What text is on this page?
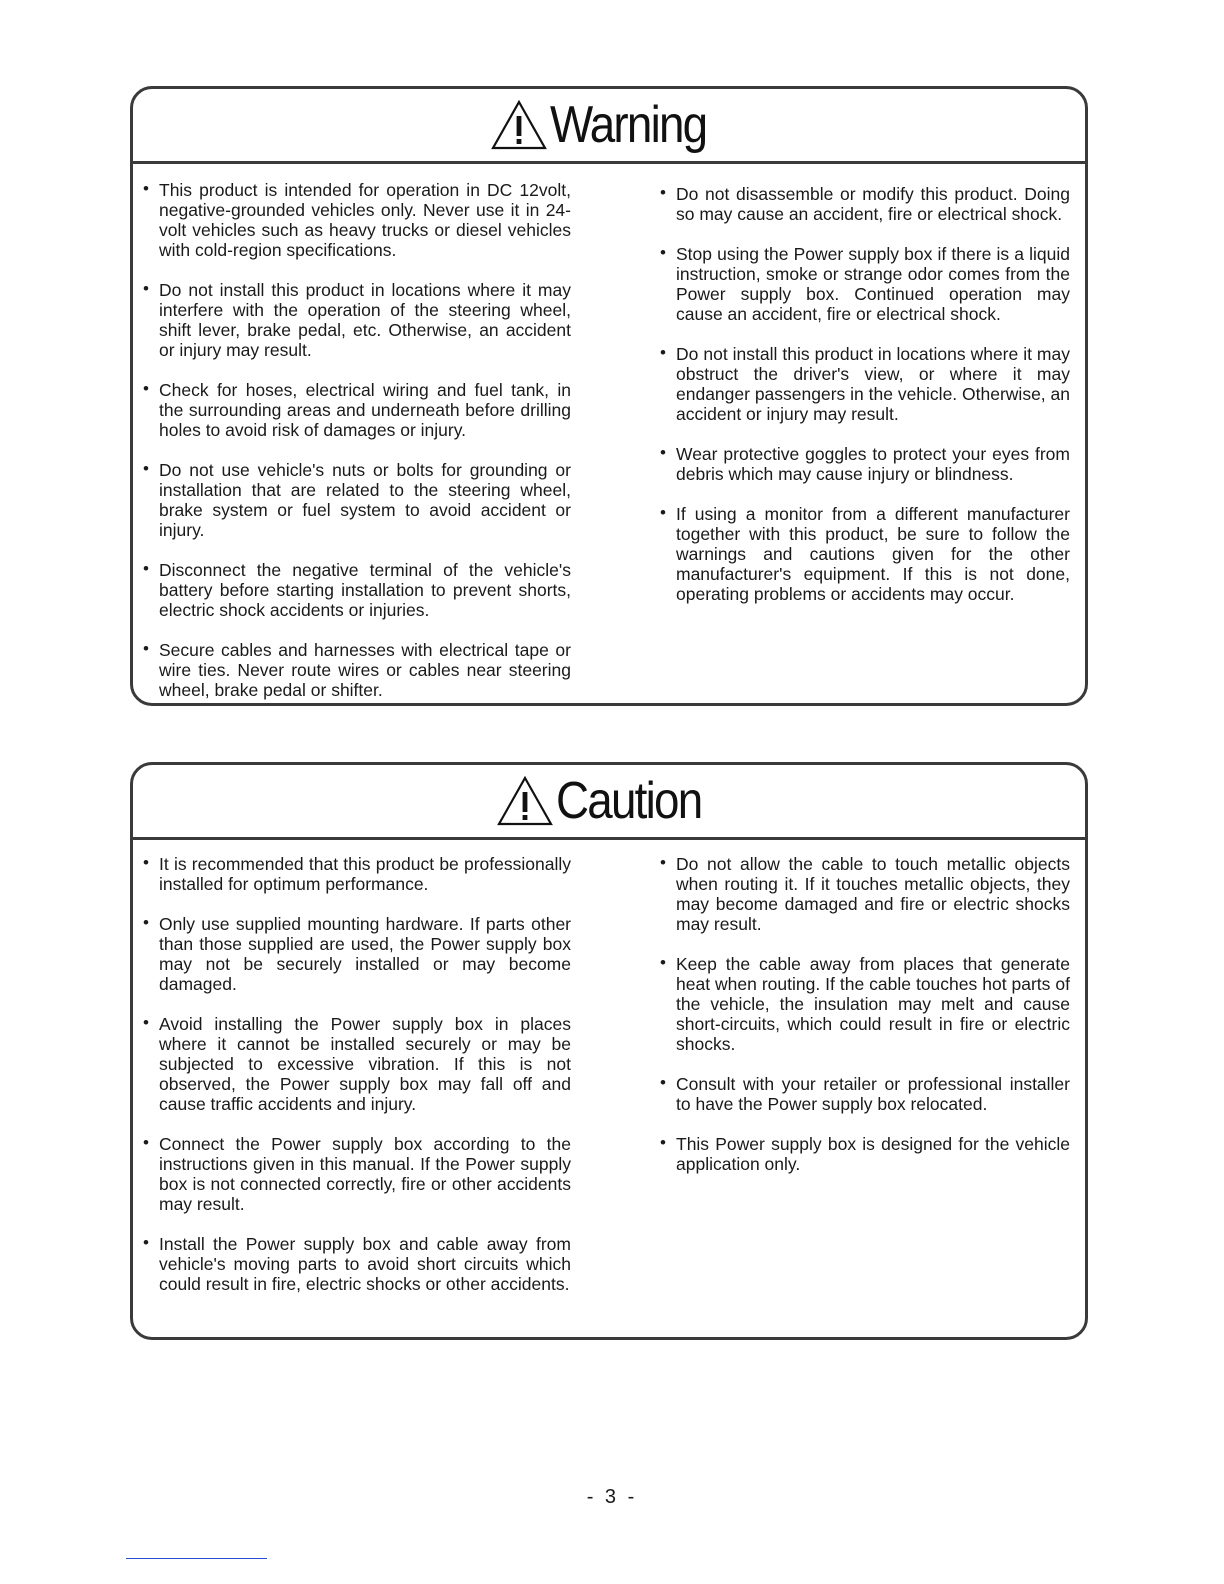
Warning
• This product is intended for operation in DC 12volt, negative-grounded vehicles only. Never use it in 24- volt vehicles such as heavy trucks or diesel vehicles with cold-region specifications.
• Do not install this product in locations where it may interfere with the operation of the steering wheel, shift lever, brake pedal, etc. Otherwise, an accident or injury may result.
• Check for hoses, electrical wiring and fuel tank, in the surrounding areas and underneath before drilling holes to avoid risk of damages or injury.
• Do not use vehicle's nuts or bolts for grounding or installation that are related to the steering wheel, brake system or fuel system to avoid accident or injury.
• Disconnect the negative terminal of the vehicle's battery before starting installation to prevent shorts, electric shock accidents or injuries.
• Secure cables and harnesses with electrical tape or wire ties. Never route wires or cables near steering wheel, brake pedal or shifter.
• Do not disassemble or modify this product. Doing so may cause an accident, fire or electrical shock.
• Stop using the Power supply box if there is a liquid instruction, smoke or strange odor comes from the Power supply box. Continued operation may cause an accident, fire or electrical shock.
• Do not install this product in locations where it may obstruct the driver's view, or where it may endanger passengers in the vehicle. Otherwise, an accident or injury may result.
• Wear protective goggles to protect your eyes from debris which may cause injury or blindness.
• If using a monitor from a different manufacturer together with this product, be sure to follow the warnings and cautions given for the other manufacturer's equipment. If this is not done, operating problems or accidents may occur.
Caution
• It is recommended that this product be professionally installed for optimum performance.
• Only use supplied mounting hardware. If parts other than those supplied are used, the Power supply box may not be securely installed or may become damaged.
• Avoid installing the Power supply box in places where it cannot be installed securely or may be subjected to excessive vibration. If this is not observed, the Power supply box may fall off and cause traffic accidents and injury.
• Connect the Power supply box according to the instructions given in this manual. If the Power supply box is not connected correctly, fire or other accidents may result.
• Install the Power supply box and cable away from vehicle's moving parts to avoid short circuits which could result in fire, electric shocks or other accidents.
• Do not allow the cable to touch metallic objects when routing it. If it touches metallic objects, they may become damaged and fire or electric shocks may result.
• Keep the cable away from places that generate heat when routing. If the cable touches hot parts of the vehicle, the insulation may melt and cause short-circuits, which could result in fire or electric shocks.
• Consult with your retailer or professional installer to have the Power supply box relocated.
• This Power supply box is designed for the vehicle application only.
- 3 -
